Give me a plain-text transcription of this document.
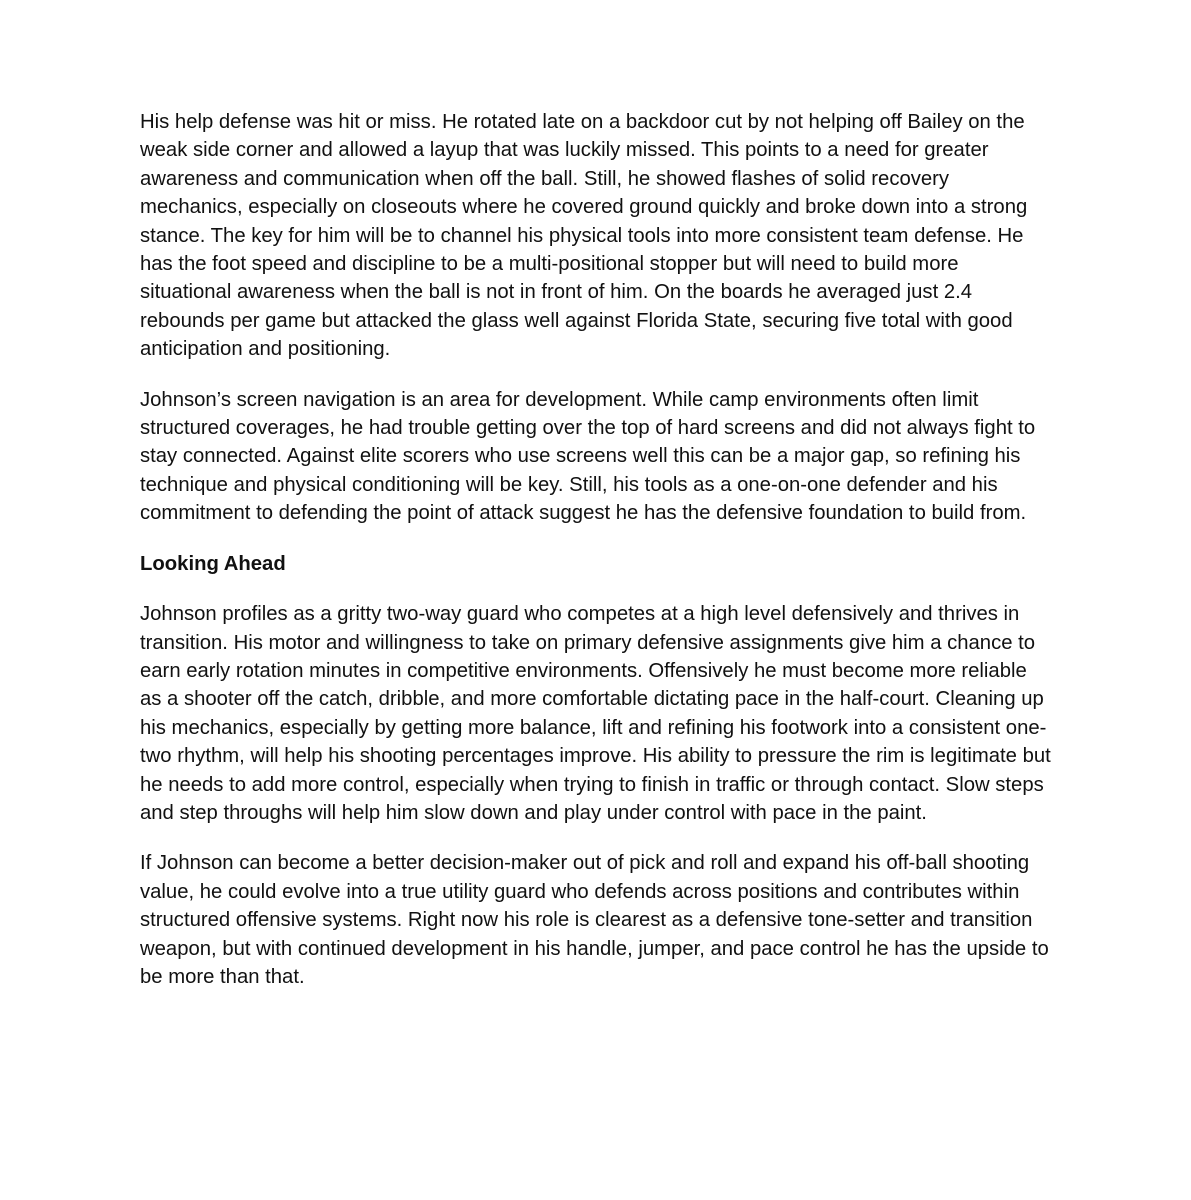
His help defense was hit or miss. He rotated late on a backdoor cut by not helping off Bailey on the weak side corner and allowed a layup that was luckily missed. This points to a need for greater awareness and communication when off the ball. Still, he showed flashes of solid recovery mechanics, especially on closeouts where he covered ground quickly and broke down into a strong stance. The key for him will be to channel his physical tools into more consistent team defense. He has the foot speed and discipline to be a multi-positional stopper but will need to build more situational awareness when the ball is not in front of him. On the boards he averaged just 2.4 rebounds per game but attacked the glass well against Florida State, securing five total with good anticipation and positioning.

Johnson’s screen navigation is an area for development. While camp environments often limit structured coverages, he had trouble getting over the top of hard screens and did not always fight to stay connected. Against elite scorers who use screens well this can be a major gap, so refining his technique and physical conditioning will be key. Still, his tools as a one-on-one defender and his commitment to defending the point of attack suggest he has the defensive foundation to build from.

Looking Ahead

Johnson profiles as a gritty two-way guard who competes at a high level defensively and thrives in transition. His motor and willingness to take on primary defensive assignments give him a chance to earn early rotation minutes in competitive environments. Offensively he must become more reliable as a shooter off the catch, dribble, and more comfortable dictating pace in the half-court. Cleaning up his mechanics, especially by getting more balance, lift and refining his footwork into a consistent one-two rhythm, will help his shooting percentages improve. His ability to pressure the rim is legitimate but he needs to add more control, especially when trying to finish in traffic or through contact. Slow steps and step throughs will help him slow down and play under control with pace in the paint.

If Johnson can become a better decision-maker out of pick and roll and expand his off-ball shooting value, he could evolve into a true utility guard who defends across positions and contributes within structured offensive systems. Right now his role is clearest as a defensive tone-setter and transition weapon, but with continued development in his handle, jumper, and pace control he has the upside to be more than that.
